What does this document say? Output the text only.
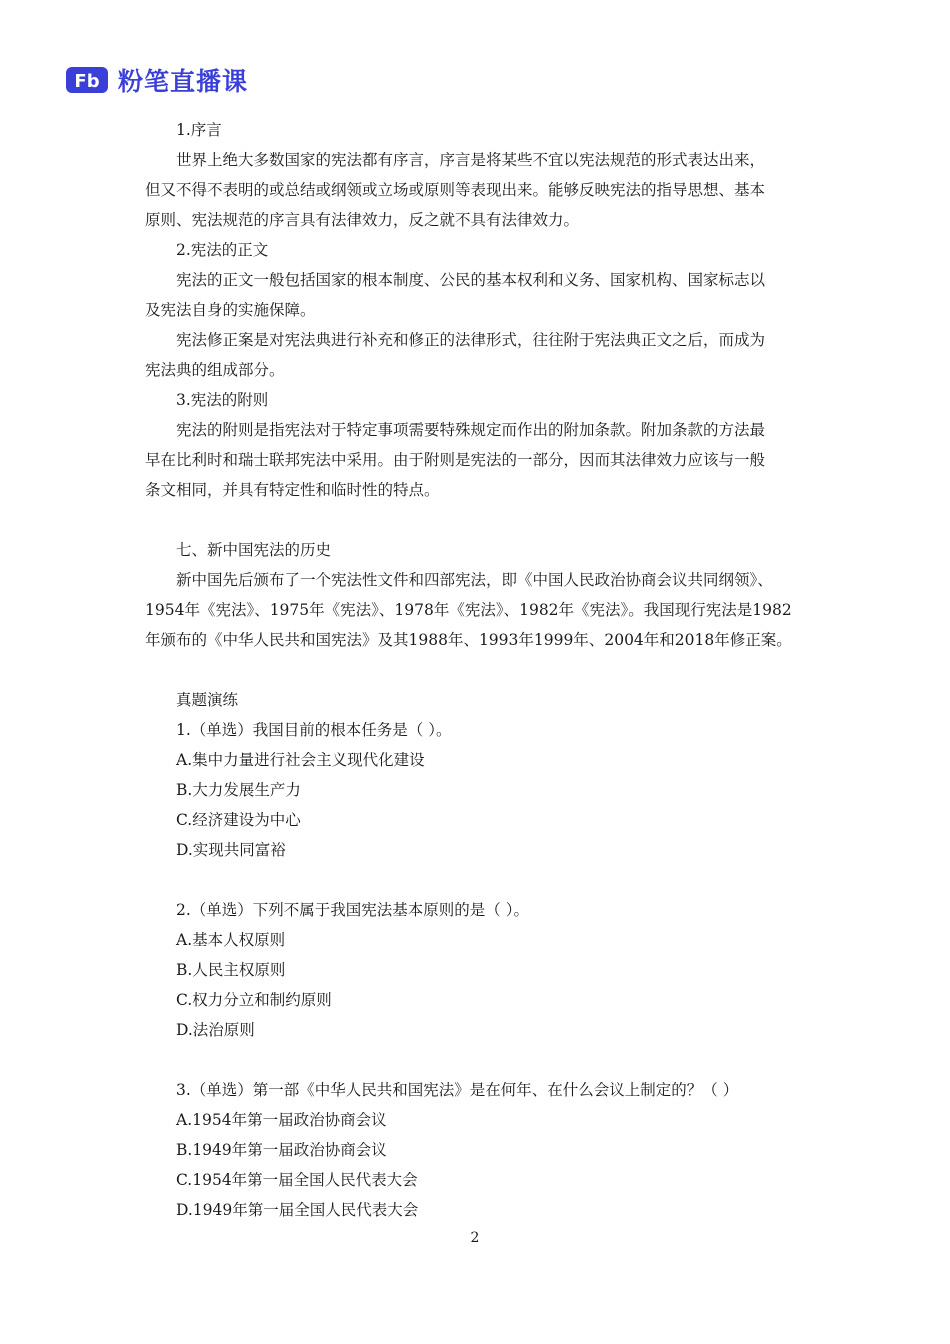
Fb 粉笔直播课
1.序言
世界上绝大多数国家的宪法都有序言，序言是将某些不宜以宪法规范的形式表达出来，
但又不得不表明的或总结或纲领或立场或原则等表现出来。能够反映宪法的指导思想、基本
原则、宪法规范的序言具有法律效力，反之就不具有法律效力。
2.宪法的正文
宪法的正文一般包括国家的根本制度、公民的基本权利和义务、国家机构、国家标志以
及宪法自身的实施保障。
宪法修正案是对宪法典进行补充和修正的法律形式，往往附于宪法典正文之后，而成为
宪法典的组成部分。
3.宪法的附则
宪法的附则是指宪法对于特定事项需要特殊规定而作出的附加条款。附加条款的方法最
早在比利时和瑞士联邦宪法中采用。由于附则是宪法的一部分，因而其法律效力应该与一般
条文相同，并具有特定性和临时性的特点。
七、新中国宪法的历史
新中国先后颁布了一个宪法性文件和四部宪法，即《中国人民政治协商会议共同纲领》、
1954年《宪法》、1975年《宪法》、1978年《宪法》、1982年《宪法》。我国现行宪法是1982
年颁布的《中华人民共和国宪法》及其1988年、1993年1999年、2004年和2018年修正案。
真题演练
1.（单选）我国目前的根本任务是（ ）。
A.集中力量进行社会主义现代化建设
B.大力发展生产力
C.经济建设为中心
D.实现共同富裕
2.（单选）下列不属于我国宪法基本原则的是（ ）。
A.基本人权原则
B.人民主权原则
C.权力分立和制约原则
D.法治原则
3.（单选）第一部《中华人民共和国宪法》是在何年、在什么会议上制定的？（ ）
A.1954年第一届政治协商会议
B.1949年第一届政治协商会议
C.1954年第一届全国人民代表大会
D.1949年第一届全国人民代表大会
2
